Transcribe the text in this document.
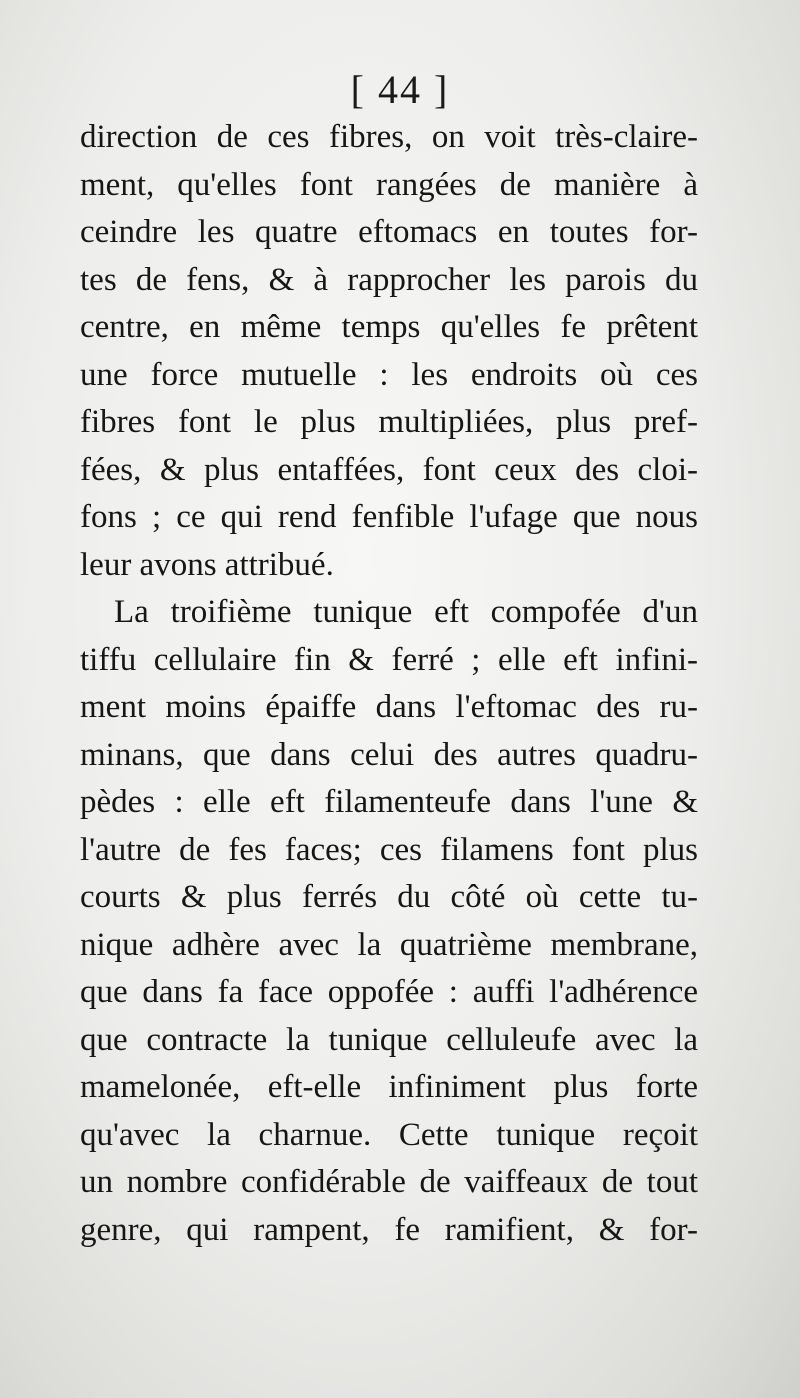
[ 44 ]
direction de ces fibres, on voit très-claire-
ment, qu'elles font rangées de manière à
ceindre les quatre eftomacs en toutes for-
tes de fens, & à rapprocher les parois du
centre, en même temps qu'elles fe prêtent
une force mutuelle : les endroits où ces
fibres font le plus multipliées, plus pref-
fées, & plus entaffées, font ceux des cloi-
fons ; ce qui rend fenfible l'ufage que nous
leur avons attribué.
La troifième tunique eft compofée d'un
tiffu cellulaire fin & ferré ; elle eft infini-
ment moins épaiffe dans l'eftomac des ru-
minans, que dans celui des autres quadru-
pèdes : elle eft filamenteufe dans l'une &
l'autre de fes faces; ces filamens font plus
courts & plus ferrés du côté où cette tu-
nique adhère avec la quatrième membrane,
que dans fa face oppofée : auffi l'adhérence
que contracte la tunique celluleufe avec la
mamelonée, eft-elle infiniment plus forte
qu'avec la charnue. Cette tunique reçoit
un nombre confidérable de vaiffeaux de tout
genre, qui rampent, fe ramifient, & for-
